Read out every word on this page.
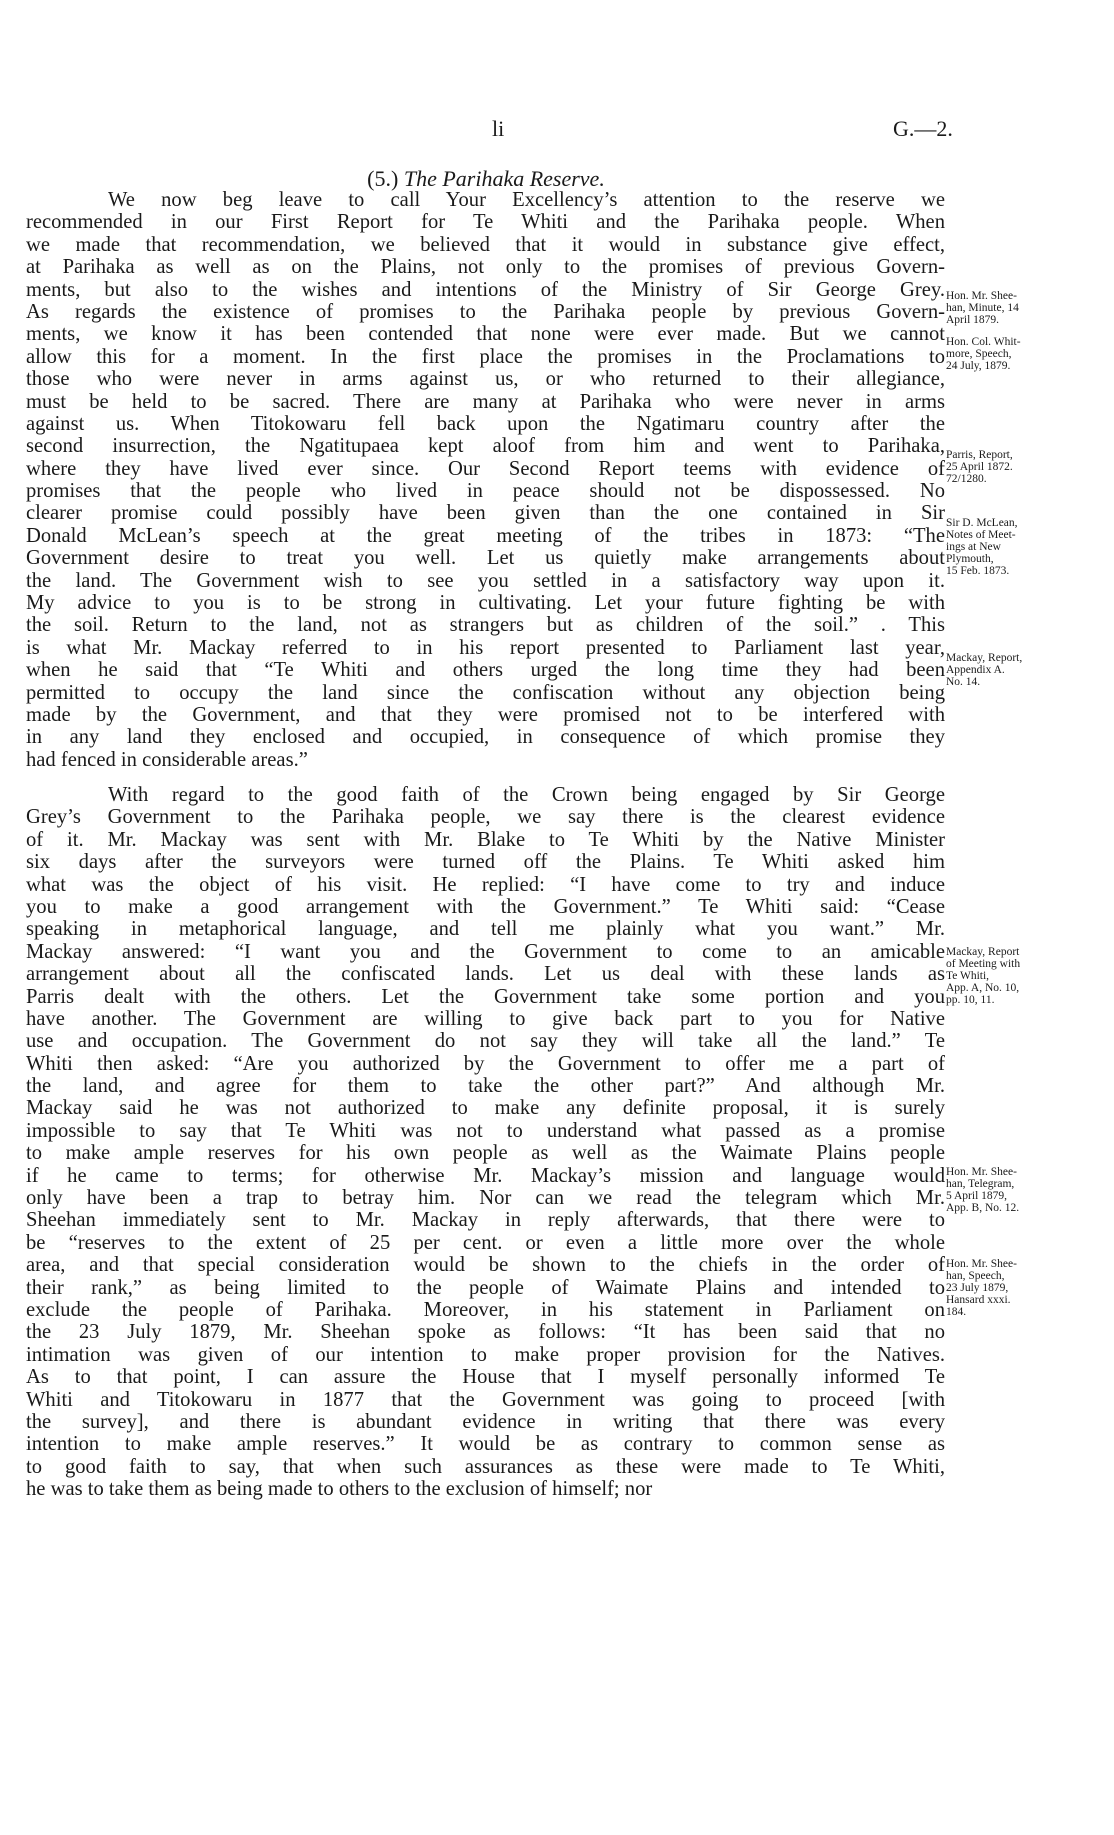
li	G.—2.
(5.) The Parihaka Reserve.

We now beg leave to call Your Excellency’s attention to the reserve we
recommended in our First Report for Te Whiti and the Parihaka people. When
we made that recommendation, we believed that it would in substance give effect,
at Parihaka as well as on the Plains, not only to the promises of previous Govern-
ments, but also to the wishes and intentions of the Ministry of Sir George Grey.
As regards the existence of promises to the Parihaka people by previous Govern-
ments, we know it has been contended that none were ever made. But we cannot
allow this for a moment. In the first place the promises in the Proclamations to
those who were never in arms against us, or who returned to their allegiance,
must be held to be sacred. There are many at Parihaka who were never in arms
against us. When Titokowaru fell back upon the Ngatimaru country after the
second insurrection, the Ngatitupaea kept aloof from him and went to Parihaka,
where they have lived ever since. Our Second Report teems with evidence of
promises that the people who lived in peace should not be dispossessed. No
clearer promise could possibly have been given than the one contained in Sir
Donald McLean’s speech at the great meeting of the tribes in 1873: “The
Government desire to treat you well. Let us quietly make arrangements about
the land. The Government wish to see you settled in a satisfactory way upon it.
My advice to you is to be strong in cultivating. Let your future fighting be with
the soil. Return to the land, not as strangers but as children of the soil.” . This
is what Mr. Mackay referred to in his report presented to Parliament last year,
when he said that “Te Whiti and others urged the long time they had been
permitted to occupy the land since the confiscation without any objection being
made by the Government, and that they were promised not to be interfered with
in any land they enclosed and occupied, in consequence of which promise they
had fenced in considerable areas.”

With regard to the good faith of the Crown being engaged by Sir George
Grey’s Government to the Parihaka people, we say there is the clearest evidence
of it. Mr. Mackay was sent with Mr. Blake to Te Whiti by the Native Minister
six days after the surveyors were turned off the Plains. Te Whiti asked him
what was the object of his visit. He replied: “I have come to try and induce
you to make a good arrangement with the Government.” Te Whiti said: “Cease
speaking in metaphorical language, and tell me plainly what you want.” Mr.
Mackay answered: “I want you and the Government to come to an amicable
arrangement about all the confiscated lands. Let us deal with these lands as
Parris dealt with the others. Let the Government take some portion and you
have another. The Government are willing to give back part to you for Native
use and occupation. The Government do not say they will take all the land.” Te
Whiti then asked: “Are you authorized by the Government to offer me a part of
the land, and agree for them to take the other part?” And although Mr.
Mackay said he was not authorized to make any definite proposal, it is surely
impossible to say that Te Whiti was not to understand what passed as a promise
to make ample reserves for his own people as well as the Waimate Plains people
if he came to terms; for otherwise Mr. Mackay’s mission and language would
only have been a trap to betray him. Nor can we read the telegram which Mr.
Sheehan immediately sent to Mr. Mackay in reply afterwards, that there were to
be “reserves to the extent of 25 per cent. or even a little more over the whole
area, and that special consideration would be shown to the chiefs in the order of
their rank,” as being limited to the people of Waimate Plains and intended to
exclude the people of Parihaka. Moreover, in his statement in Parliament on
the 23 July 1879, Mr. Sheehan spoke as follows: “It has been said that no
intimation was given of our intention to make proper provision for the Natives.
As to that point, I can assure the House that I myself personally informed Te
Whiti and Titokowaru in 1877 that the Government was going to proceed [with
the survey], and there is abundant evidence in writing that there was every
intention to make ample reserves.” It would be as contrary to common sense as
to good faith to say, that when such assurances as these were made to Te Whiti,
he was to take them as being made to others to the exclusion of himself; nor

Hon. Mr. Shee-
han, Minute, 14
April 1879.
Hon. Col. Whit-
more, Speech,
24 July, 1879.
Parris, Report,
25 April 1872.
72/1280.
Sir D. McLean,
Notes of Meet-
ings at New
Plymouth,
15 Feb. 1873.
Mackay, Report,
Appendix A.
No. 14.
Mackay, Report
of Meeting with
Te Whiti,
App. A, No. 10,
pp. 10, 11.
Hon. Mr. Shee-
han, Telegram,
5 April 1879,
App. B, No. 12.
Hon. Mr. Shee-
han, Speech,
23 July 1879,
Hansard xxxi.
184.
